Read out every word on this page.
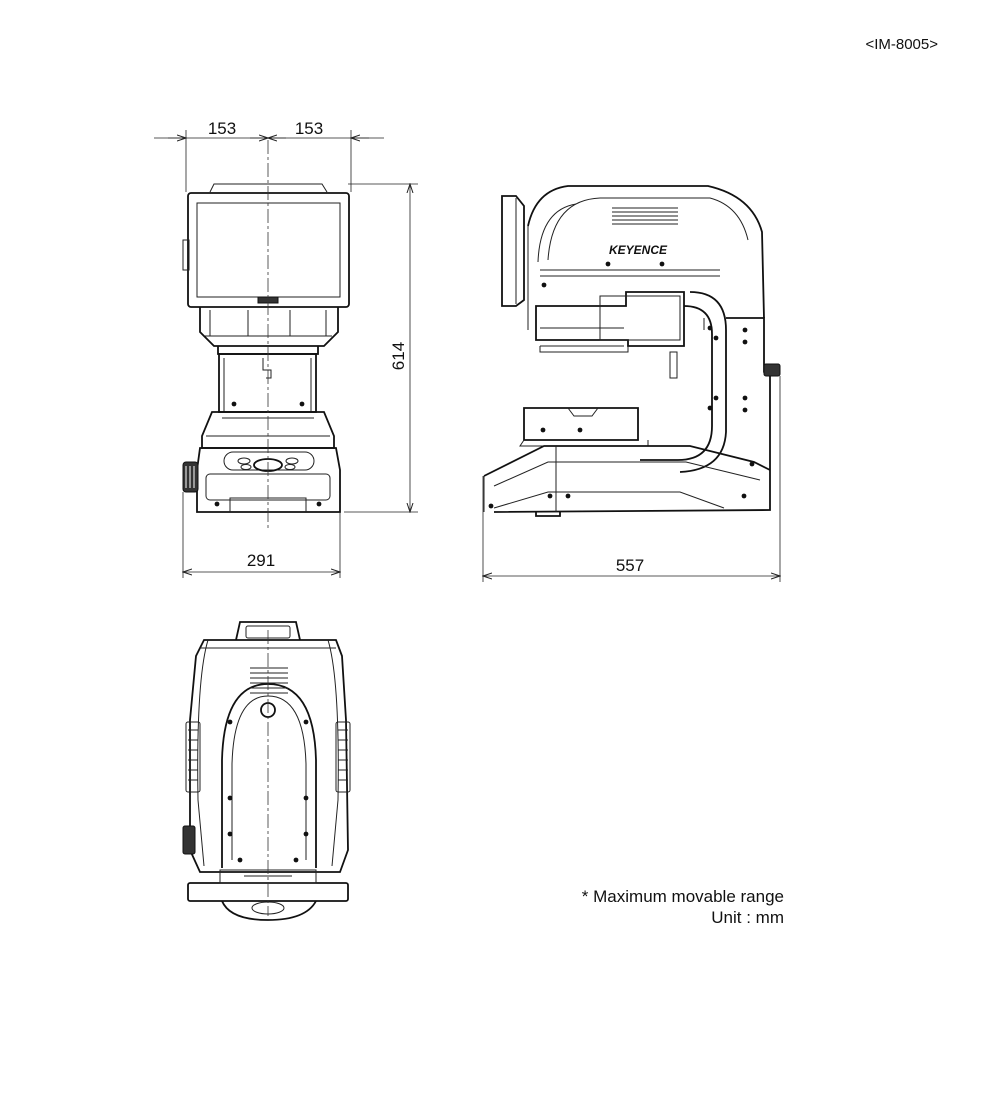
<IM-8005>
KEYENCE
153	153
614
291	557
* Maximum movable range
Unit : mm
